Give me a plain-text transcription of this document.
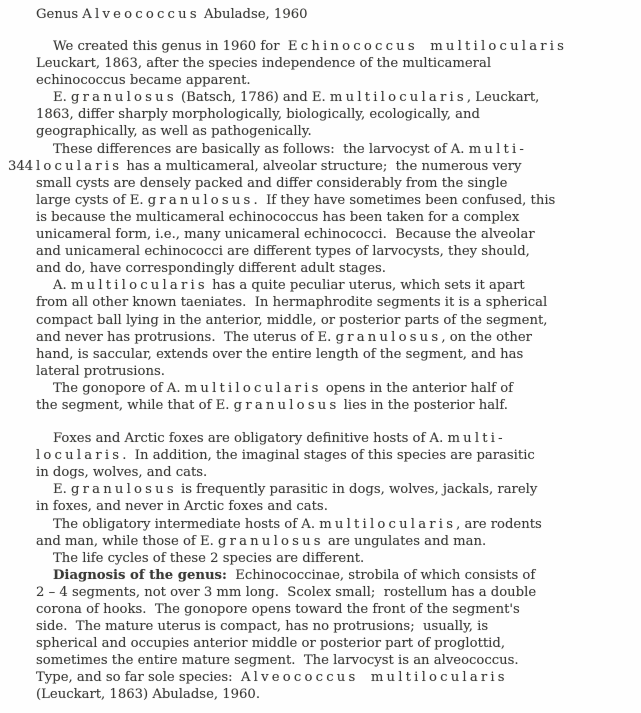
Genus Alveococcus Abuladse, 1960
We created this genus in 1960 for  Echinococcus multilocularis
Leuckart, 1863, after the species independence of the multicameral
echinococcus became apparent.
E. granulosus (Batsch, 1786) and E. multilocularis, Leuckart,
1863, differ sharply morphologically, biologically, ecologically, and
geographically, as well as pathogenically.
These differences are basically as follows:  the larvocyst of A. multi-
344 locularis has a multicameral, alveolar structure;  the numerous very
small cysts are densely packed and differ considerably from the single
large cysts of E. granulosus.  If they have sometimes been confused, this
is because the multicameral echinococcus has been taken for a complex
unicameral form, i.e., many unicameral echinococci.  Because the alveolar
and unicameral echinococci are different types of larvocysts, they should,
and do, have correspondingly different adult stages.
A. multilocularis has a quite peculiar uterus, which sets it apart
from all other known taeniates.  In hermaphrodite segments it is a spherical
compact ball lying in the anterior, middle, or posterior parts of the segment,
and never has protrusions.  The uterus of E. granulosus, on the other
hand, is saccular, extends over the entire length of the segment, and has
lateral protrusions.
The gonopore of A. multilocularis opens in the anterior half of
the segment, while that of E. granulosus lies in the posterior half.
Foxes and Arctic foxes are obligatory definitive hosts of A. multi-
locularis.  In addition, the imaginal stages of this species are parasitic
in dogs, wolves, and cats.
E. granulosus is frequently parasitic in dogs, wolves, jackals, rarely
in foxes, and never in Arctic foxes and cats.
The obligatory intermediate hosts of A. multilocularis, are rodents
and man, while those of E. granulosus are ungulates and man.
The life cycles of these 2 species are different.
Diagnosis of the genus:  Echinococcinae, strobila of which consists of
2 – 4 segments, not over 3 mm long.  Scolex small;  rostellum has a double
corona of hooks.  The gonopore opens toward the front of the segment's
side.  The mature uterus is compact, has no protrusions;  usually, is
spherical and occupies anterior middle or posterior part of proglottid,
sometimes the entire mature segment.  The larvocyst is an alveococcus.
Type, and so far sole species:  Alveococcus multilocularis
(Leuckart, 1863) Abuladse, 1960.
